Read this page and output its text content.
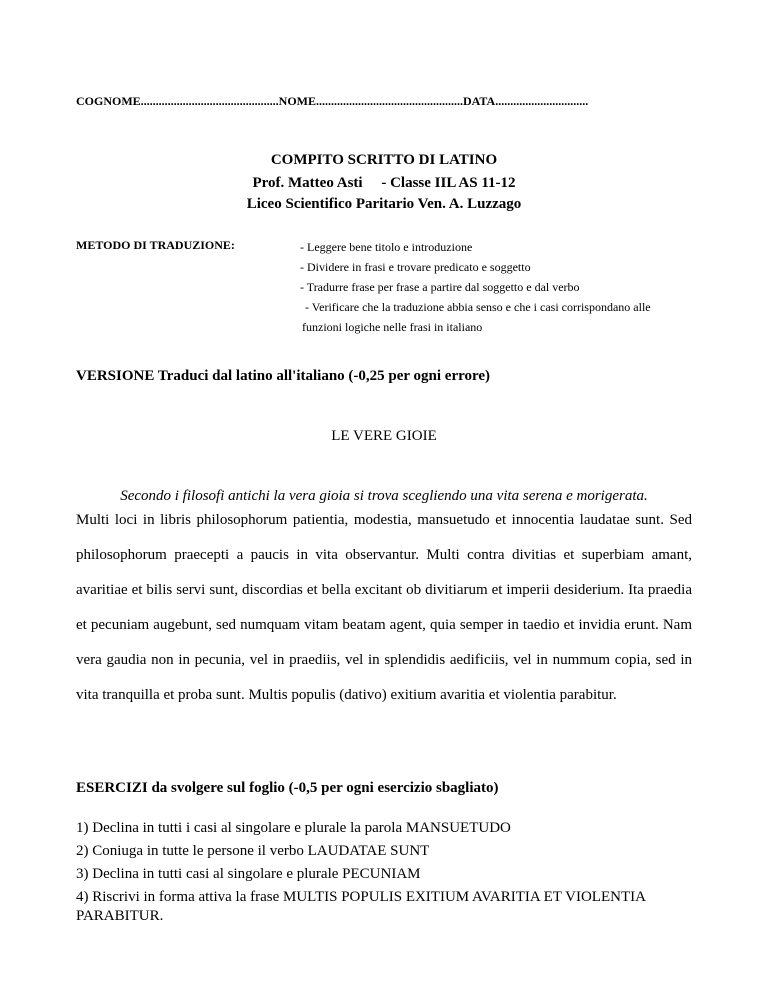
COGNOME..............................................NOME.................................................DATA...............................
COMPITO SCRITTO DI LATINO
Prof. Matteo Asti     - Classe IIL AS 11-12
Liceo Scientifico Paritario Ven. A. Luzzago
METODO DI TRADUZIONE:	- Leggere bene titolo e introduzione
- Dividere in frasi e trovare predicato e soggetto
- Tradurre frase per frase a partire dal soggetto e dal verbo
- Verificare che la traduzione abbia senso e che i casi corrispondano alle
funzioni logiche nelle frasi in italiano
VERSIONE Traduci dal latino all'italiano (-0,25 per ogni errore)
LE VERE GIOIE
Secondo i filosofi antichi la vera gioia si trova scegliendo una vita serena e morigerata.

Multi loci in libris philosophorum patientia, modestia, mansuetudo et innocentia laudatae sunt. Sed philosophorum praecepti a paucis in vita observantur. Multi contra divitias et superbiam amant, avaritiae et bilis servi sunt, discordias et bella excitant ob divitiarum et imperii desiderium. Ita praedia et pecuniam augebunt, sed numquam vitam beatam agent, quia semper in taedio et invidia erunt. Nam vera gaudia non in pecunia, vel in praediis, vel in splendidis aedificiis, vel in nummum copia, sed in vita tranquilla et proba sunt. Multis populis (dativo) exitium avaritia et violentia parabitur.

ESERCIZI da svolgere sul foglio (-0,5 per ogni esercizio sbagliato)
1) Declina in tutti i casi al singolare e plurale la parola MANSUETUDO
2) Coniuga in tutte le persone il verbo LAUDATAE SUNT
3) Declina in tutti casi al singolare e plurale PECUNIAM
4) Riscrivi in forma attiva la frase MULTIS POPULIS EXITIUM AVARITIA ET VIOLENTIA PARABITUR.
